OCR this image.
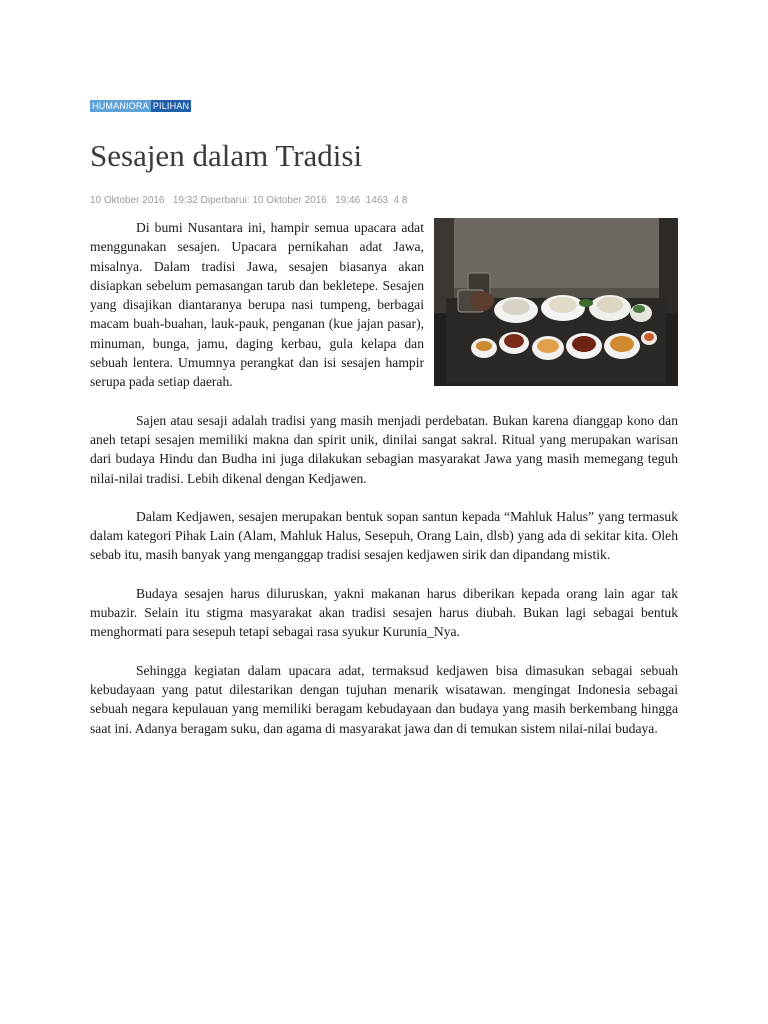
HUMANIORA PILIHAN
Sesajen dalam Tradisi
10 Oktober 2016   19:32 Diperbarui: 10 Oktober 2016   19:46  1463  4 8

Di bumi Nusantara ini, hampir semua upacara adat menggunakan sesajen. Upacara pernikahan adat Jawa, misalnya. Dalam tradisi Jawa, sesajen biasanya akan disiapkan sebelum pemasangan tarub dan bekletepe. Sesajen yang disajikan diantaranya berupa nasi tumpeng, berbagai macam buah-buahan, lauk-pauk, penganan (kue jajan pasar), minuman, bunga, jamu, daging kerbau, gula kelapa dan sebuah lentera. Umumnya perangkat dan isi sesajen hampir serupa pada setiap daerah.

Sajen atau sesaji adalah tradisi yang masih menjadi perdebatan. Bukan karena dianggap kono dan aneh tetapi sesajen memiliki makna dan spirit unik, dinilai sangat sakral. Ritual yang merupakan warisan dari budaya Hindu dan Budha ini juga dilakukan sebagian masyarakat Jawa yang masih memegang teguh nilai-nilai tradisi. Lebih dikenal dengan Kedjawen.

Dalam Kedjawen, sesajen merupakan bentuk sopan santun kepada “Mahluk Halus” yang termasuk dalam kategori Pihak Lain (Alam, Mahluk Halus, Sesepuh, Orang Lain, dlsb) yang ada di sekitar kita. Oleh sebab itu, masih banyak yang menganggap tradisi sesajen kedjawen sirik dan dipandang mistik.

Budaya sesajen harus diluruskan, yakni makanan harus diberikan kepada orang lain agar tak mubazir. Selain itu stigma masyarakat akan tradisi sesajen harus diubah. Bukan lagi sebagai bentuk menghormati para sesepuh tetapi sebagai rasa syukur Kurunia_Nya.

Sehingga kegiatan dalam upacara adat, termaksud kedjawen bisa dimasukan sebagai sebuah kebudayaan yang patut dilestarikan dengan tujuhan menarik wisatawan. mengingat Indonesia sebagai sebuah negara kepulauan yang memiliki beragam kebudayaan dan budaya yang masih berkembang hingga saat ini. Adanya beragam suku, dan agama di masyarakat jawa dan di temukan sistem nilai-nilai budaya.
